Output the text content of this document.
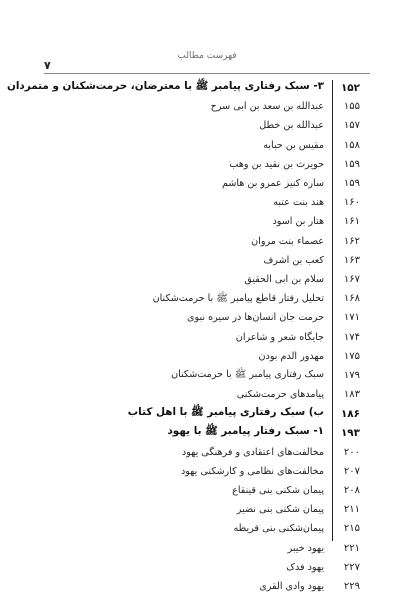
فهرست مطالب
۷
۱۵۲
۳- سبک رفتاری پیامبر ﷺ با معترضان، حرمت‌شکنان و متمردان
۱۵۵
عبدالله بن سعد بن ابی سرح
۱۵۷
عبدالله بن خطل
۱۵۸
مقیس بن حبابه
۱۵۹
حویرث بن نقید بن وهب
۱۵۹
ساره کنیز عمرو بن هاشم
۱۶۰
هند بنت عتبه
۱۶۱
هتار بن اسود
۱۶۲
عصماء بنت مروان
۱۶۳
کعب بن اشرف
۱۶۷
سلام بن ابی الحقیق
۱۶۸
تحلیل رفتار قاطع پیامبر ﷺ با حرمت‌شکنان
۱۷۱
حرمت جان انسان‌ها در سیره نبوی
۱۷۴
جایگاه شعر و شاعران
۱۷۵
مهدور الدم بودن
۱۷۹
سبک رفتاری پیامبر ﷺ با حرمت‌شکنان
۱۸۳
پیامدهای حرمت‌شکنی
۱۸۶
ب) سبک رفتاری پیامبر ﷺ با اهل کتاب
۱۹۳
۱- سبک رفتار پیامبر ﷺ با یهود
۲۰۰
مخالفت‌های اعتقادی و فرهنگی یهود
۲۰۷
مخالفت‌های نظامی و کارشکنی یهود
۲۰۸
پیمان شکنی بنی قینقاع
۲۱۱
پیمان شکنی بنی نضیر
۲۱۵
پیمان‌شکنی بنی قریظه
۲۲۱
یهود خیبر
۲۲۷
یهود فدک
۲۲۹
یهود وادی القری
